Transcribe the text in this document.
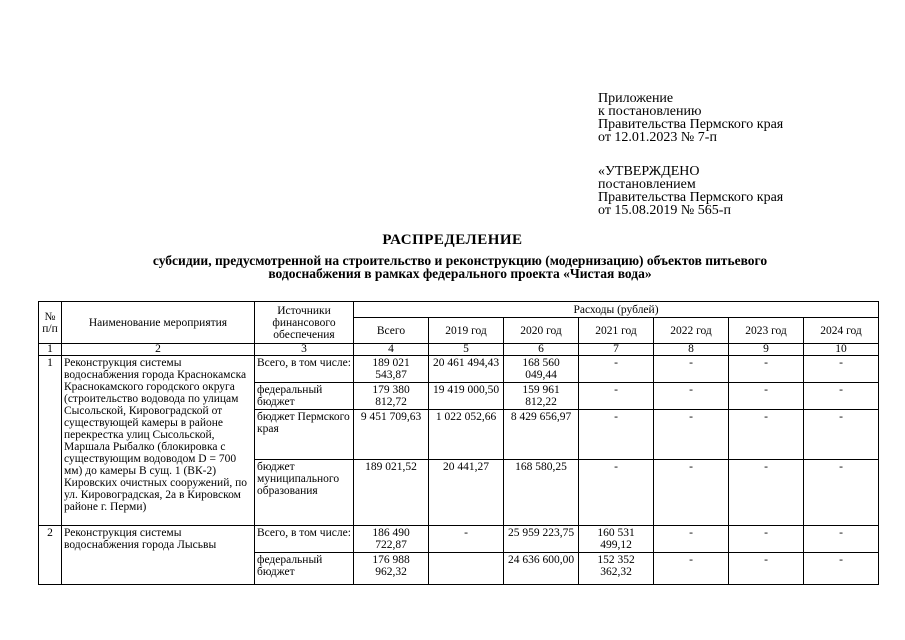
Приложение
к постановлению
Правительства Пермского края
от 12.01.2023 № 7-п
«УТВЕРЖДЕНО
постановлением
Правительства Пермского края
от 15.08.2019 № 565-п
РАСПРЕДЕЛЕНИЕ
субсидии, предусмотренной на строительство и реконструкцию (модернизацию) объектов питьевого водоснабжения в рамках федерального проекта «Чистая вода»
№ п/п	Наименование мероприятия	Источники финансового обеспечения	Расходы (рублей)						
			Всего	2019 год	2020 год	2021 год	2022 год	2023 год	2024 год
1	2	3	4	5	6	7	8	9	10
1	Реконструкция системы водоснабжения города Краснокамска Краснокамского городского округа (строительство водовода по улицам Сысольской, Кировоградской от существующей камеры в районе перекрестка улиц Сысольской, Маршала Рыбалко (блокировка с существующим водоводом D = 700 мм) до камеры В сущ. 1 (ВК-2) Кировских очистных сооружений, по ул. Кировоградская, 2а в Кировском районе г. Перми)	Всего, в том числе:	189 021 543,87	20 461 494,43	168 560 049,44	-	-	-	-
		федеральный бюджет	179 380 812,72	19 419 000,50	159 961 812,22	-	-	-	-
		бюджет Пермского края	9 451 709,63	1 022 052,66	8 429 656,97	-	-	-	-
		бюджет муниципального образования	189 021,52	20 441,27	168 580,25	-	-	-	-
2	Реконструкция системы водоснабжения города Лысьвы	Всего, в том числе:	186 490 722,87	-	25 959 223,75	160 531 499,12	-	-	-
		федеральный бюджет	176 988 962,32		24 636 600,00	152 352 362,32	-	-	-
